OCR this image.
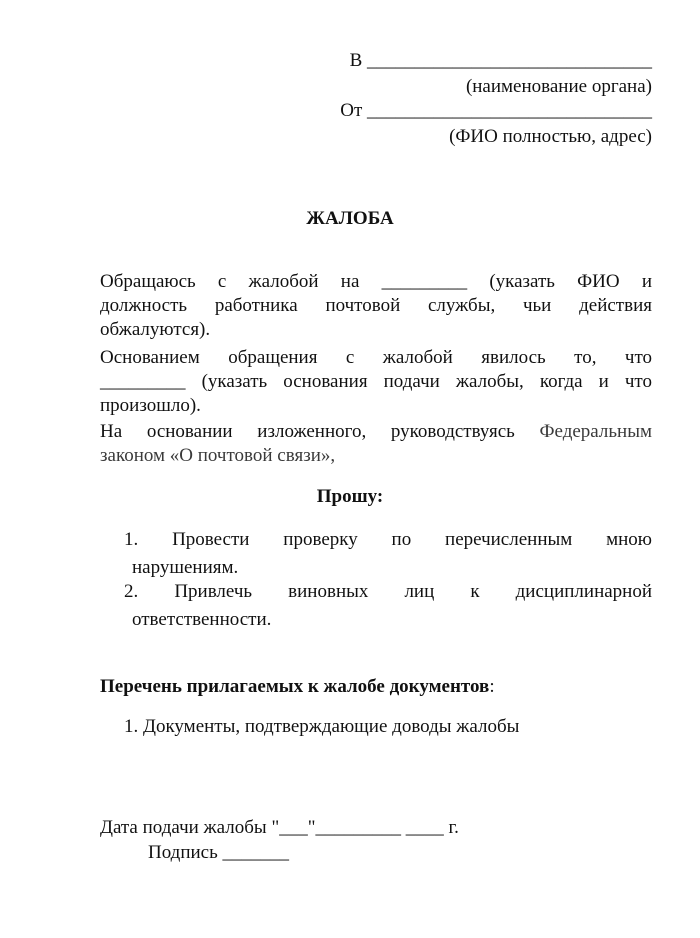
В ______________________________
(наименование органа)
От ______________________________
(ФИО полностью, адрес)
ЖАЛОБА
Обращаюсь с жалобой на _________ (указать ФИО и
должность работника почтовой службы, чьи действия
обжалуются).
Основанием обращения с жалобой явилось то, что
_________ (указать основания подачи жалобы, когда и что
произошло).
На основании изложенного, руководствуясь Федеральным
законом «О почтовой связи»,
Прошу:
1. Провести проверку по перечисленным мною
нарушениям.
2. Привлечь виновных лиц к дисциплинарной
ответственности.
Перечень прилагаемых к жалобе документов:
1. Документы, подтверждающие доводы жалобы
Дата подачи жалобы "___"_________ ____ г.
Подпись _______
